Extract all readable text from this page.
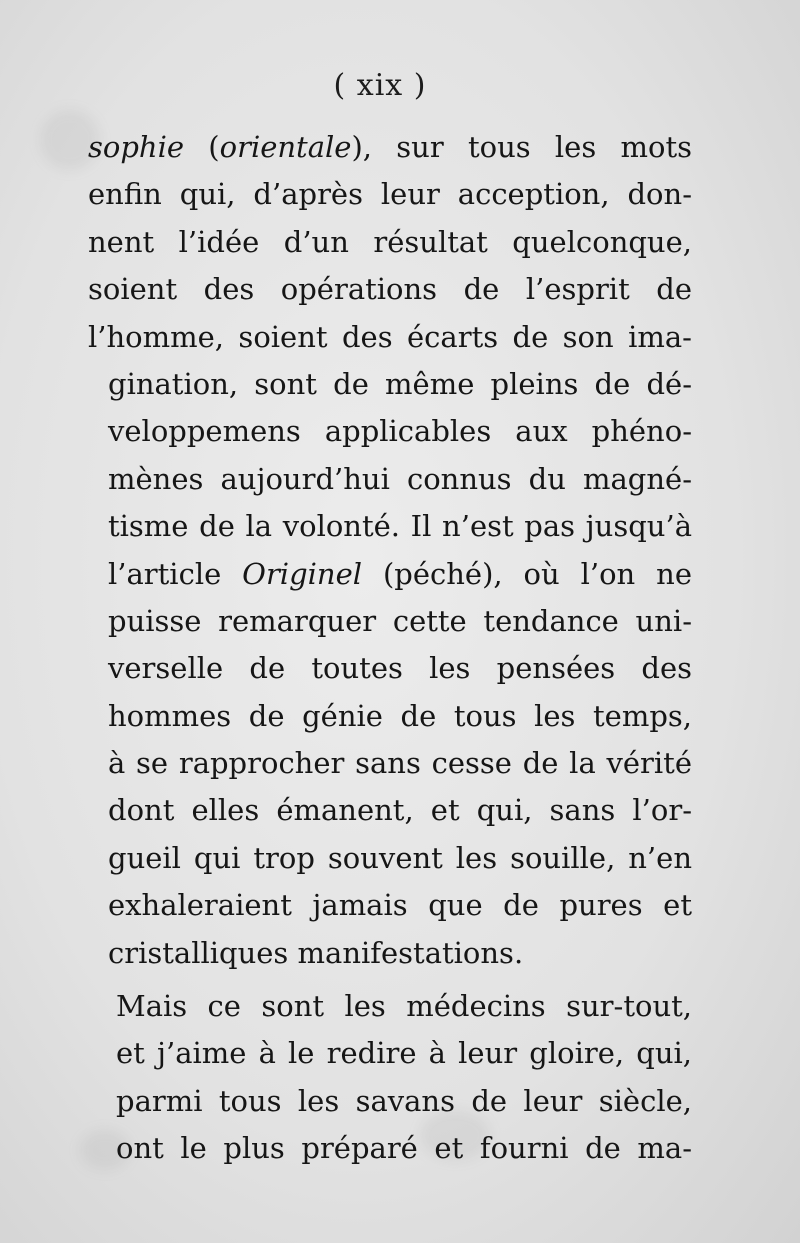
( xix )
sophie (orientale), sur tous les mots
enfin qui, d’après leur acception, don-
nent l’idée d’un résultat quelconque,
soient des opérations de l’esprit de
l’homme, soient des écarts de son ima-
gination, sont de même pleins de dé-
veloppemens applicables aux phéno-
mènes aujourd’hui connus du magné-
tisme de la volonté. Il n’est pas jusqu’à
l’article Originel (péché), où l’on ne
puisse remarquer cette tendance uni-
verselle de toutes les pensées des
hommes de génie de tous les temps,
à se rapprocher sans cesse de la vérité
dont elles émanent, et qui, sans l’or-
gueil qui trop souvent les souille, n’en
exhaleraient jamais que de pures et
cristalliques manifestations.
Mais ce sont les médecins sur-tout,
et j’aime à le redire à leur gloire, qui,
parmi tous les savans de leur siècle,
ont le plus préparé et fourni de ma-
